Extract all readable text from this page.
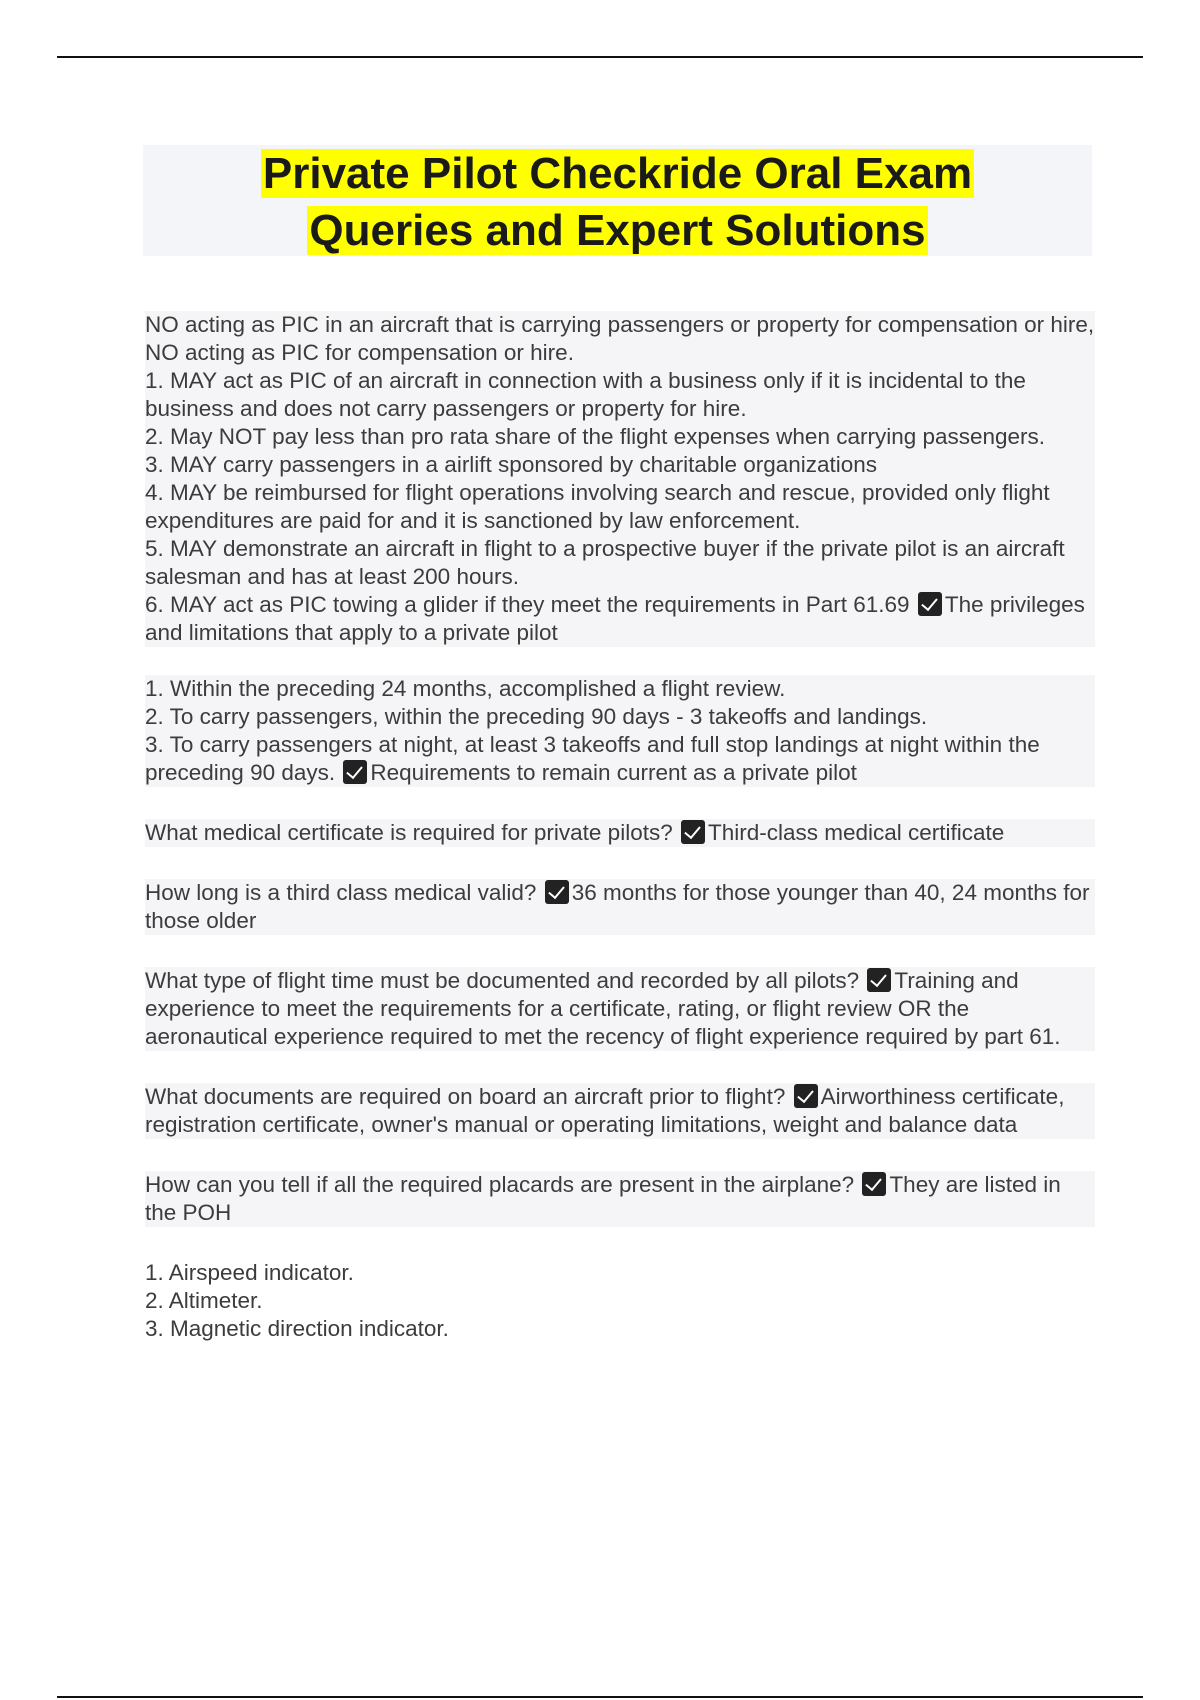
Private Pilot Checkride Oral Exam
Queries and Expert Solutions

NO acting as PIC in an aircraft that is carrying passengers or property for compensation or hire, NO acting as PIC for compensation or hire.

1. MAY act as PIC of an aircraft in connection with a business only if it is incidental to the business and does not carry passengers or property for hire.

2. May NOT pay less than pro rata share of the flight expenses when carrying passengers.

3. MAY carry passengers in a airlift sponsored by charitable organizations

4. MAY be reimbursed for flight operations involving search and rescue, provided only flight expenditures are paid for and it is sanctioned by law enforcement.

5. MAY demonstrate an aircraft in flight to a prospective buyer if the private pilot is an aircraft salesman and has at least 200 hours.

6. MAY act as PIC towing a glider if they meet the requirements in Part 61.69 The privileges and limitations that apply to a private pilot

1. Within the preceding 24 months, accomplished a flight review.

2. To carry passengers, within the preceding 90 days - 3 takeoffs and landings.

3. To carry passengers at night, at least 3 takeoffs and full stop landings at night within the preceding 90 days. Requirements to remain current as a private pilot

What medical certificate is required for private pilots? Third-class medical certificate

How long is a third class medical valid? 36 months for those younger than 40, 24 months for those older

What type of flight time must be documented and recorded by all pilots? Training and experience to meet the requirements for a certificate, rating, or flight review OR the aeronautical experience required to met the recency of flight experience required by part 61.

What documents are required on board an aircraft prior to flight? Airworthiness certificate, registration certificate, owner's manual or operating limitations, weight and balance data

How can you tell if all the required placards are present in the airplane? They are listed in the POH

1. Airspeed indicator.

2. Altimeter.

3. Magnetic direction indicator.
